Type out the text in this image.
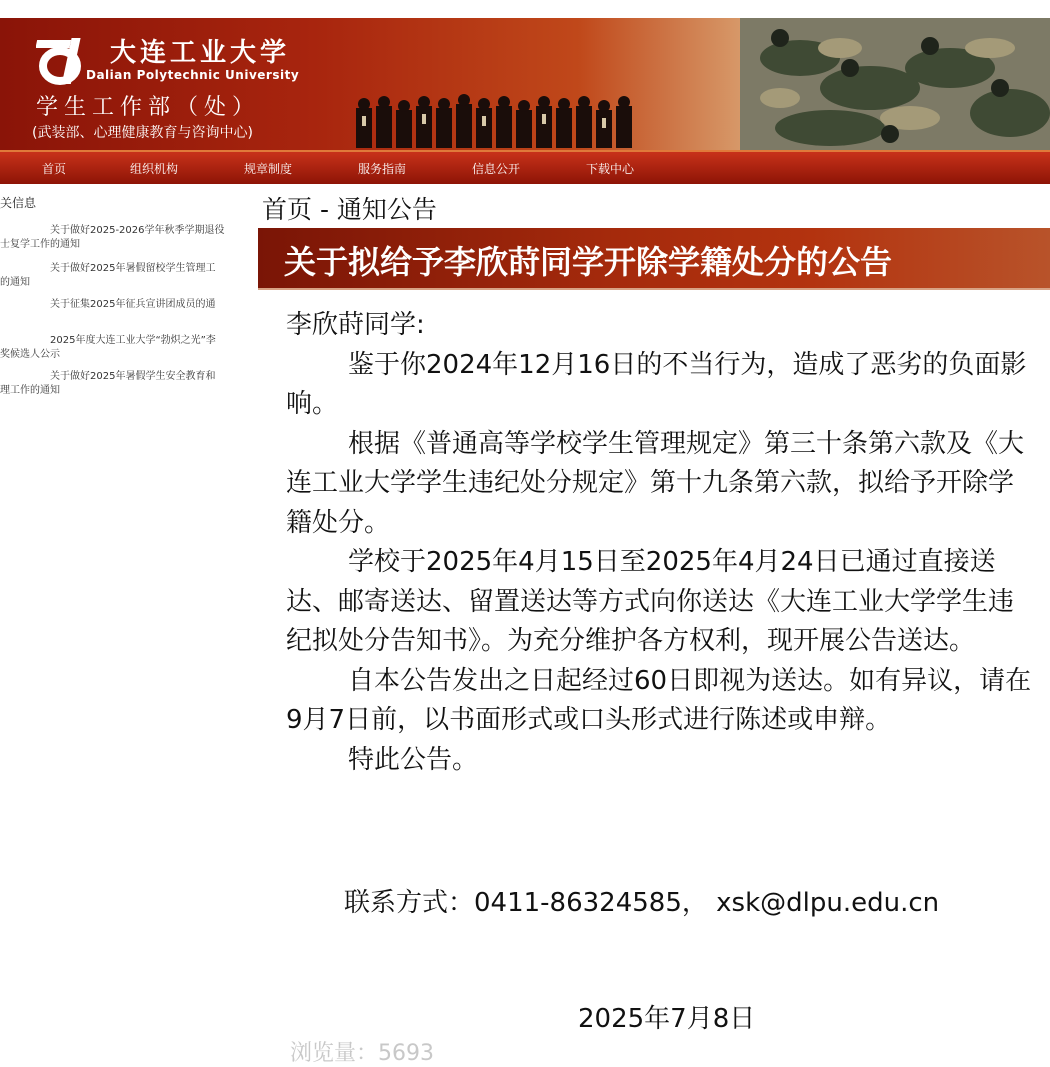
大连工业大学
Dalian Polytechnic University
学生工作部（处）
(武装部、心理健康教育与咨询中心)
首页	组织机构	规章制度	服务指南	信息公开	下载中心
关信息
关于做好2025-2026学年秋季学期退役
士复学工作的通知
关于做好2025年暑假留校学生管理工
的通知
关于征集2025年征兵宣讲团成员的通
2025年度大连工业大学“勃炽之光”李
奖候选人公示
关于做好2025年暑假学生安全教育和
理工作的通知
首页 - 通知公告
关于拟给予李欣莳同学开除学籍处分的公告

李欣莳同学:

鉴于你2024年12月16日的不当行为，造成了恶劣的负面影响。

根据《普通高等学校学生管理规定》第三十条第六款及《大连工业大学学生违纪处分规定》第十九条第六款，拟给予开除学籍处分。

学校于2025年4月15日至2025年4月24日已通过直接送达、邮寄送达、留置送达等方式向你送达《大连工业大学学生违纪拟处分告知书》。为充分维护各方权利，现开展公告送达。

自本公告发出之日起经过60日即视为送达。如有异议，请在9月7日前，以书面形式或口头形式进行陈述或申辩。

特此公告。

联系方式：0411-86324585， xsk@dlpu.edu.cn
2025年7月8日
浏览量：5693
